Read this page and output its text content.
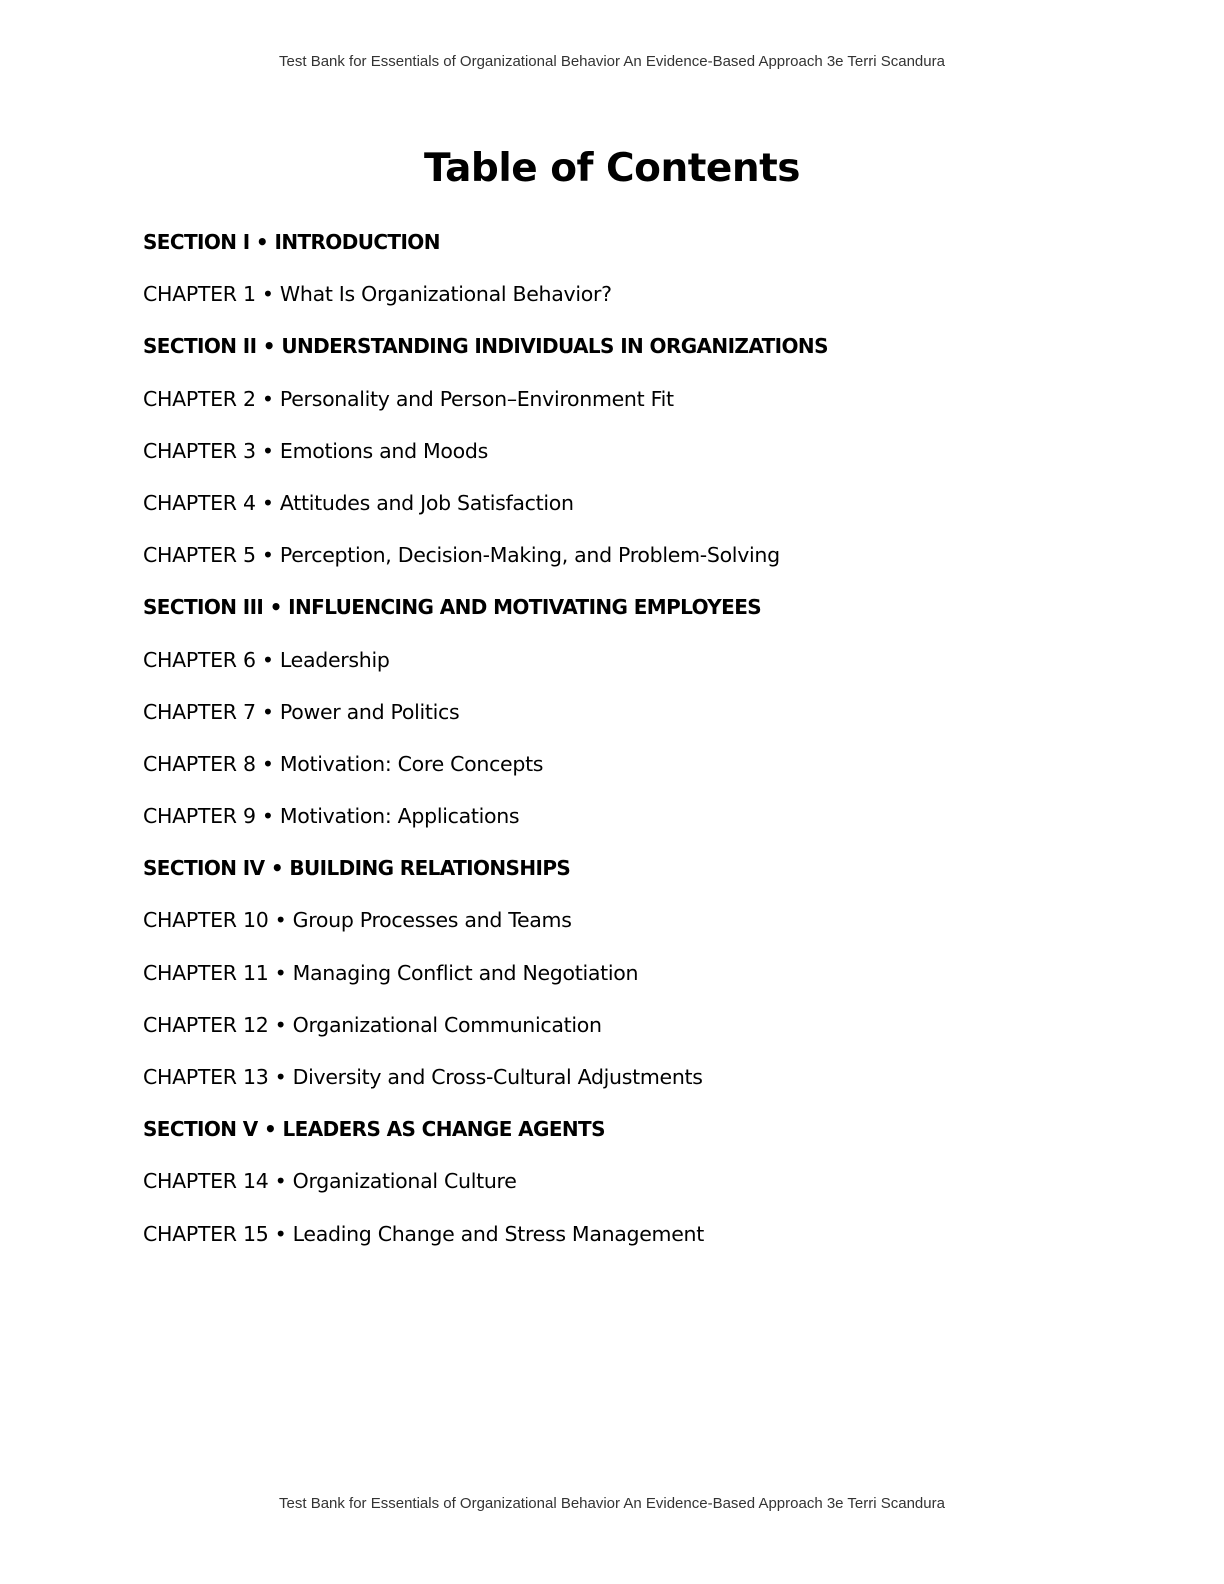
Test Bank for Essentials of Organizational Behavior An Evidence-Based Approach 3e Terri Scandura
Table of Contents
SECTION I • INTRODUCTION
CHAPTER 1 • What Is Organizational Behavior?
SECTION II • UNDERSTANDING INDIVIDUALS IN ORGANIZATIONS
CHAPTER 2 • Personality and Person–Environment Fit
CHAPTER 3 • Emotions and Moods
CHAPTER 4 • Attitudes and Job Satisfaction
CHAPTER 5 • Perception, Decision-Making, and Problem-Solving
SECTION III • INFLUENCING AND MOTIVATING EMPLOYEES
CHAPTER 6 • Leadership
CHAPTER 7 • Power and Politics
CHAPTER 8 • Motivation: Core Concepts
CHAPTER 9 • Motivation: Applications
SECTION IV • BUILDING RELATIONSHIPS
CHAPTER 10 • Group Processes and Teams
CHAPTER 11 • Managing Conflict and Negotiation
CHAPTER 12 • Organizational Communication
CHAPTER 13 • Diversity and Cross-Cultural Adjustments
SECTION V • LEADERS AS CHANGE AGENTS
CHAPTER 14 • Organizational Culture
CHAPTER 15 • Leading Change and Stress Management
Test Bank for Essentials of Organizational Behavior An Evidence-Based Approach 3e Terri Scandura
